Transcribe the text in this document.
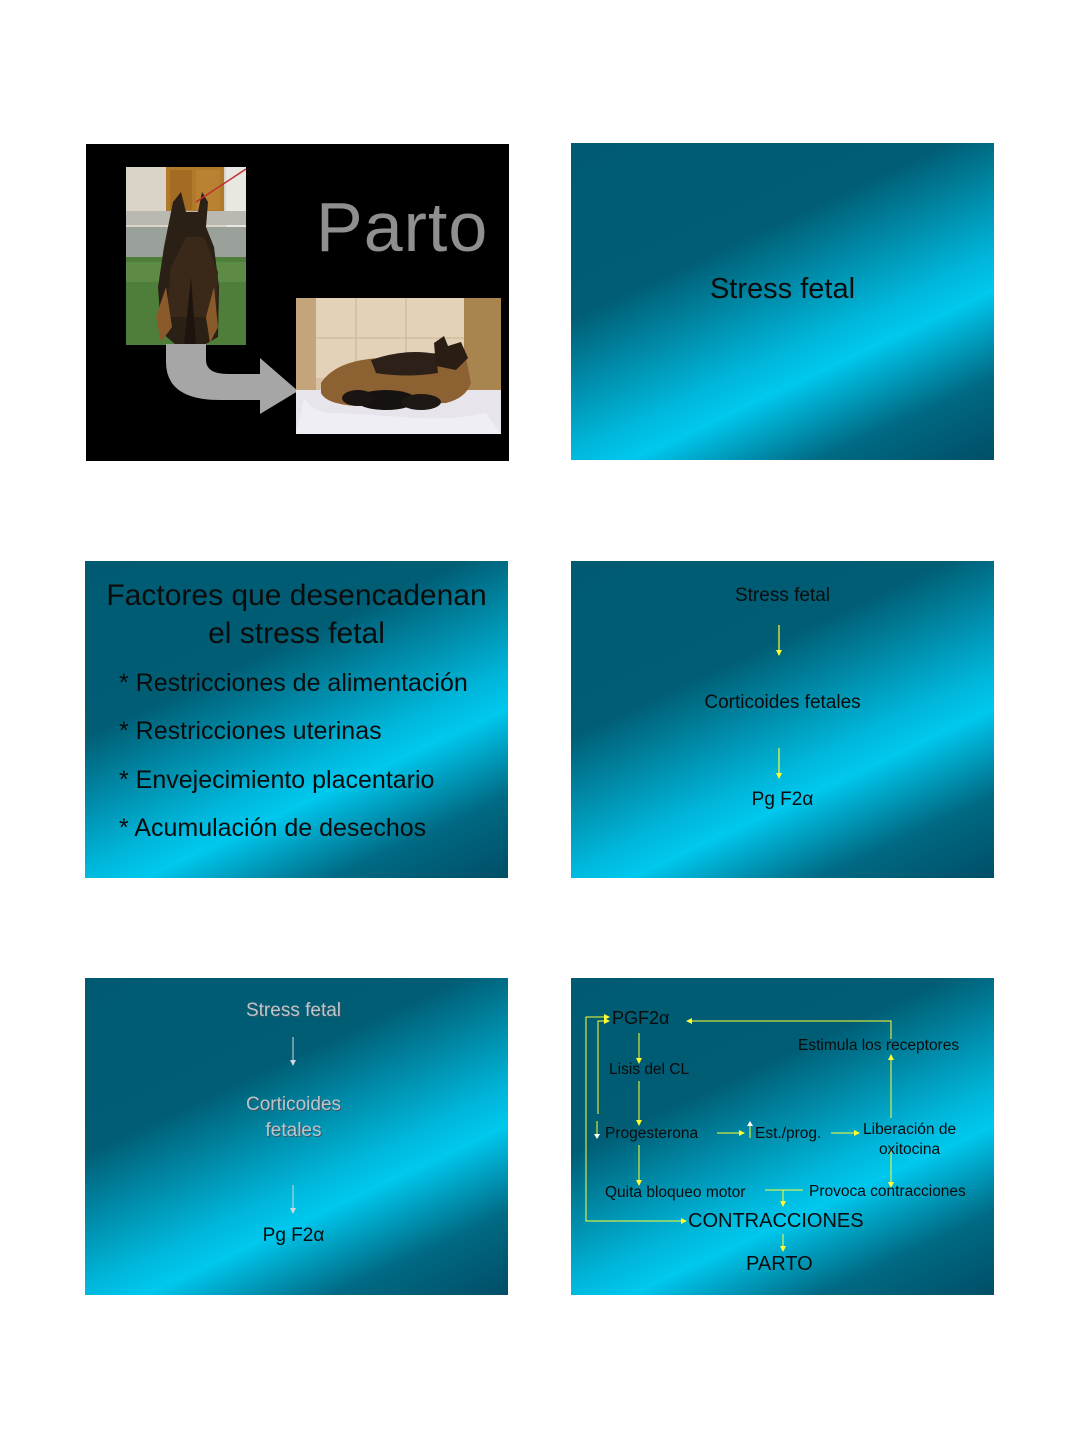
Parto
Stress fetal
Factores que desencadenan
el stress fetal
* Restricciones de alimentación
* Restricciones uterinas
* Envejecimiento placentario
* Acumulación de desechos
Stress fetal
Corticoides fetales
Pg F2α
Stress fetal
Corticoides
fetales
Pg F2α
PGF2α
Lisis del CL
Estimula los receptores
Progesterona	Est./prog.	Liberación de
oxitocina
Quita bloqueo motor	Provoca contracciones
CONTRACCIONES
PARTO
